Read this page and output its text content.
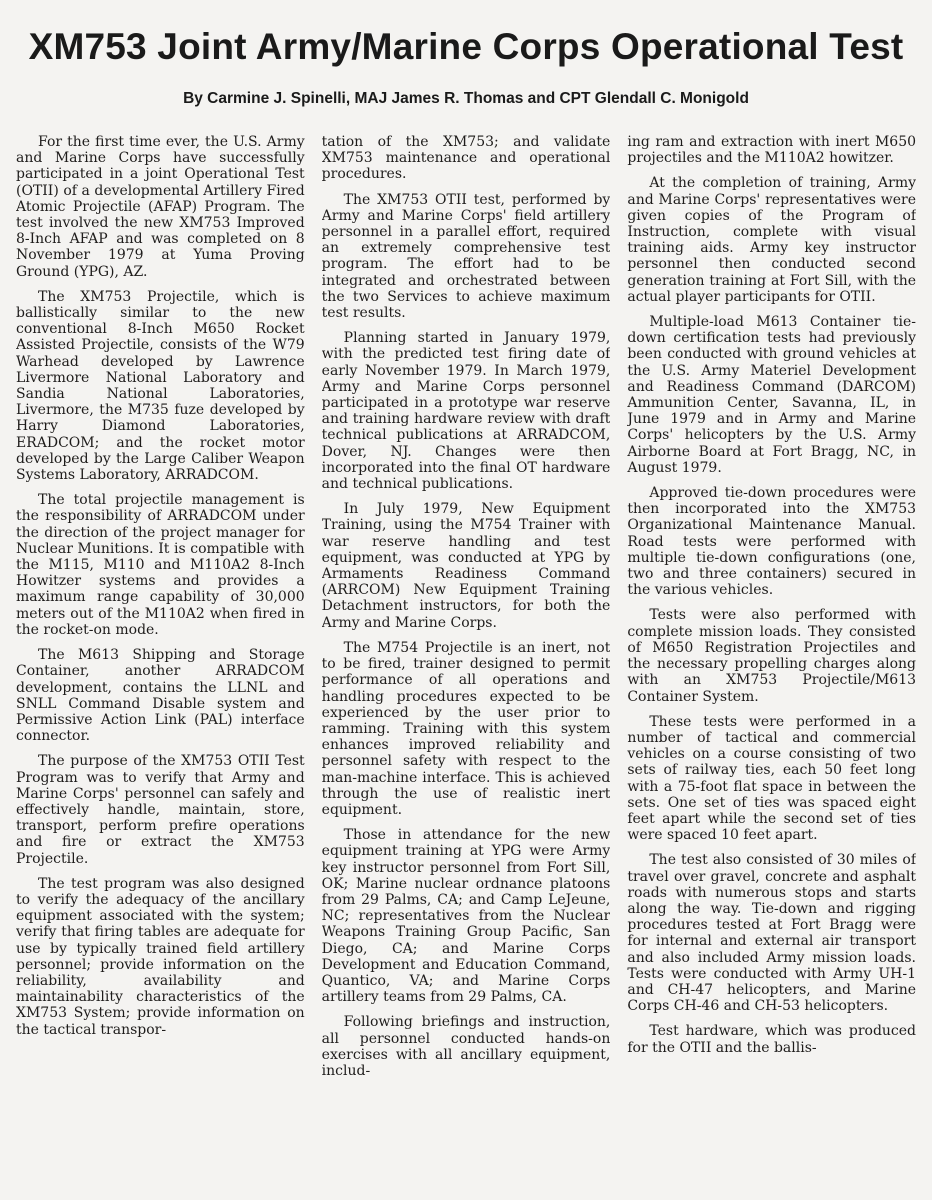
XM753 Joint Army/Marine Corps Operational Test

By Carmine J. Spinelli, MAJ James R. Thomas and CPT Glendall C. Monigold

For the first time ever, the U.S. Army and Marine Corps have successfully participated in a joint Operational Test (OTII) of a developmental Artillery Fired Atomic Projectile (AFAP) Program. The test involved the new XM753 Improved 8-Inch AFAP and was completed on 8 November 1979 at Yuma Proving Ground (YPG), AZ.

The XM753 Projectile, which is ballistically similar to the new conventional 8-Inch M650 Rocket Assisted Projectile, consists of the W79 Warhead developed by Lawrence Livermore National Laboratory and Sandia National Laboratories, Livermore, the M735 fuze developed by Harry Diamond Laboratories, ERADCOM; and the rocket motor developed by the Large Caliber Weapon Systems Laboratory, ARRADCOM.

The total projectile management is the responsibility of ARRADCOM under the direction of the project manager for Nuclear Munitions. It is compatible with the M115, M110 and M110A2 8-Inch Howitzer systems and provides a maximum range capability of 30,000 meters out of the M110A2 when fired in the rocket-on mode.

The M613 Shipping and Storage Container, another ARRADCOM development, contains the LLNL and SNLL Command Disable system and Permissive Action Link (PAL) interface connector.

The purpose of the XM753 OTII Test Program was to verify that Army and Marine Corps' personnel can safely and effectively handle, maintain, store, transport, perform prefire operations and fire or extract the XM753 Projectile.

The test program was also designed to verify the adequacy of the ancillary equipment associated with the system; verify that firing tables are adequate for use by typically trained field artillery personnel; provide information on the reliability, availability and maintainability characteristics of the XM753 System; provide information on the tactical transpor-

tation of the XM753; and validate XM753 maintenance and operational procedures.

The XM753 OTII test, performed by Army and Marine Corps' field artillery personnel in a parallel effort, required an extremely comprehensive test program. The effort had to be integrated and orchestrated between the two Services to achieve maximum test results.

Planning started in January 1979, with the predicted test firing date of early November 1979. In March 1979, Army and Marine Corps personnel participated in a prototype war reserve and training hardware review with draft technical publications at ARRADCOM, Dover, NJ. Changes were then incorporated into the final OT hardware and technical publications.

In July 1979, New Equipment Training, using the M754 Trainer with war reserve handling and test equipment, was conducted at YPG by Armaments Readiness Command (ARRCOM) New Equipment Training Detachment instructors, for both the Army and Marine Corps.

The M754 Projectile is an inert, not to be fired, trainer designed to permit performance of all operations and handling procedures expected to be experienced by the user prior to ramming. Training with this system enhances improved reliability and personnel safety with respect to the man-machine interface. This is achieved through the use of realistic inert equipment.

Those in attendance for the new equipment training at YPG were Army key instructor personnel from Fort Sill, OK; Marine nuclear ordnance platoons from 29 Palms, CA; and Camp LeJeune, NC; representatives from the Nuclear Weapons Training Group Pacific, San Diego, CA; and Marine Corps Development and Education Command, Quantico, VA; and Marine Corps artillery teams from 29 Palms, CA.

Following briefings and instruction, all personnel conducted hands-on exercises with all ancillary equipment, includ-

ing ram and extraction with inert M650 projectiles and the M110A2 howitzer.

At the completion of training, Army and Marine Corps' representatives were given copies of the Program of Instruction, complete with visual training aids. Army key instructor personnel then conducted second generation training at Fort Sill, with the actual player participants for OTII.

Multiple-load M613 Container tie-down certification tests had previously been conducted with ground vehicles at the U.S. Army Materiel Development and Readiness Command (DARCOM) Ammunition Center, Savanna, IL, in June 1979 and in Army and Marine Corps' helicopters by the U.S. Army Airborne Board at Fort Bragg, NC, in August 1979.

Approved tie-down procedures were then incorporated into the XM753 Organizational Maintenance Manual. Road tests were performed with multiple tie-down configurations (one, two and three containers) secured in the various vehicles.

Tests were also performed with complete mission loads. They consisted of M650 Registration Projectiles and the necessary propelling charges along with an XM753 Projectile/M613 Container System.

These tests were performed in a number of tactical and commercial vehicles on a course consisting of two sets of railway ties, each 50 feet long with a 75-foot flat space in between the sets. One set of ties was spaced eight feet apart while the second set of ties were spaced 10 feet apart.

The test also consisted of 30 miles of travel over gravel, concrete and asphalt roads with numerous stops and starts along the way. Tie-down and rigging procedures tested at Fort Bragg were for internal and external air transport and also included Army mission loads. Tests were conducted with Army UH-1 and CH-47 helicopters, and Marine Corps CH-46 and CH-53 helicopters.

Test hardware, which was produced for the OTII and the ballis-
